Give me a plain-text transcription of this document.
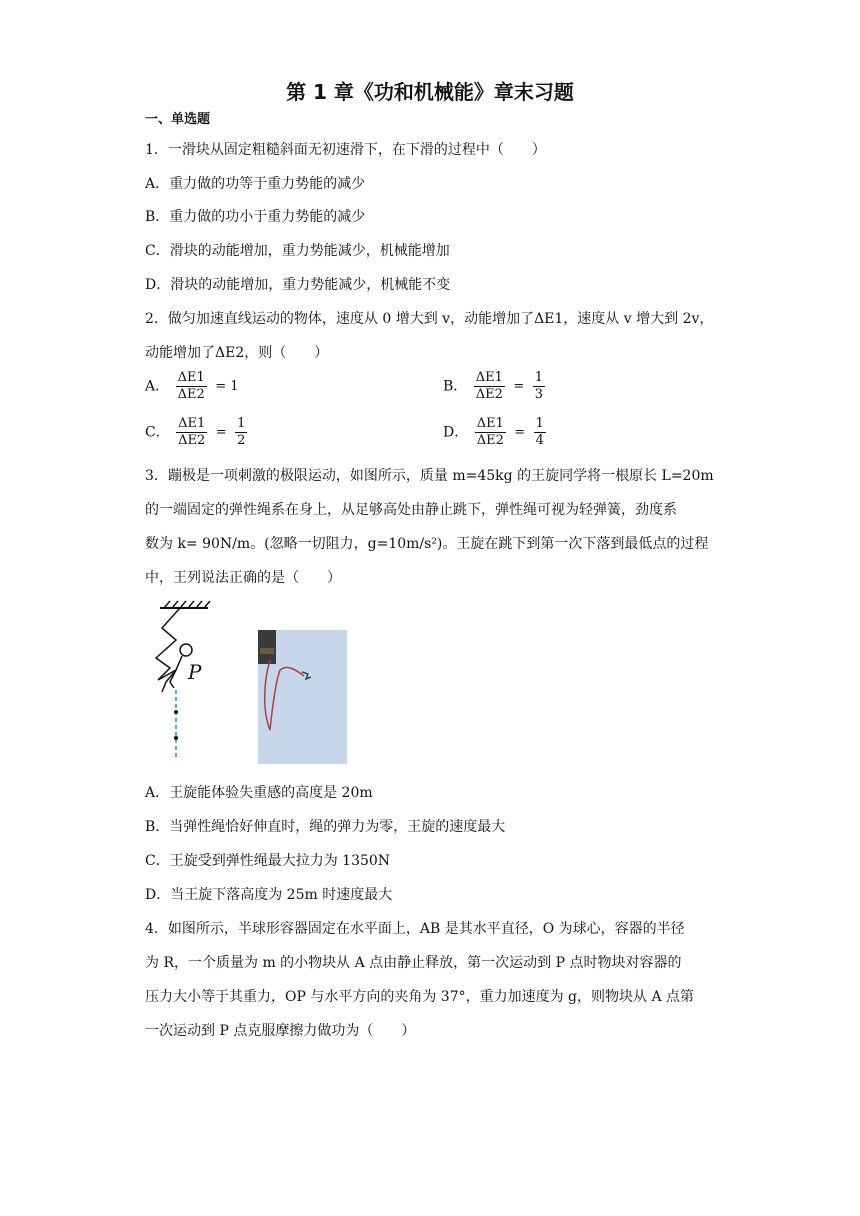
第 1 章《功和机械能》章末习题
一、单选题
1．一滑块从固定粗糙斜面无初速滑下，在下滑的过程中（　　）
A．重力做的功等于重力势能的减少
B．重力做的功小于重力势能的减少
C．滑块的动能增加，重力势能减少，机械能增加
D．滑块的动能增加，重力势能减少，机械能不变
2．做匀加速直线运动的物体，速度从 0 增大到 v，动能增加了ΔE1，速度从 v 增大到 2v，
动能增加了ΔE2，则（　　）
A． $\frac{\Delta E1}{\Delta E2} = 1$	B． $\frac{\Delta E1}{\Delta E2} = \frac{1}{3}$
C． $\frac{\Delta E1}{\Delta E2} = \frac{1}{2}$	D． $\frac{\Delta E1}{\Delta E2} = \frac{1}{4}$
3．蹦极是一项刺激的极限运动，如图所示，质量 m=45kg 的王旋同学将一根原长 L=20m
的一端固定的弹性绳系在身上，从足够高处由静止跳下，弹性绳可视为轻弹簧，劲度系
数为 k= 90N/m。(忽略一切阻力，g=10m/s²)。王旋在跳下到第一次下落到最低点的过程
中，王列说法正确的是（　　）
P
A．王旋能体验失重感的高度是 20m
B．当弹性绳恰好伸直时，绳的弹力为零，王旋的速度最大
C．王旋受到弹性绳最大拉力为 1350N
D．当王旋下落高度为 25m 时速度最大
4．如图所示，半球形容器固定在水平面上，AB 是其水平直径，O 为球心，容器的半径
为 R，一个质量为 m 的小物块从 A 点由静止释放，第一次运动到 P 点时物块对容器的
压力大小等于其重力，OP 与水平方向的夹角为 37°，重力加速度为 g，则物块从 A 点第
一次运动到 P 点克服摩擦力做功为（　　）
